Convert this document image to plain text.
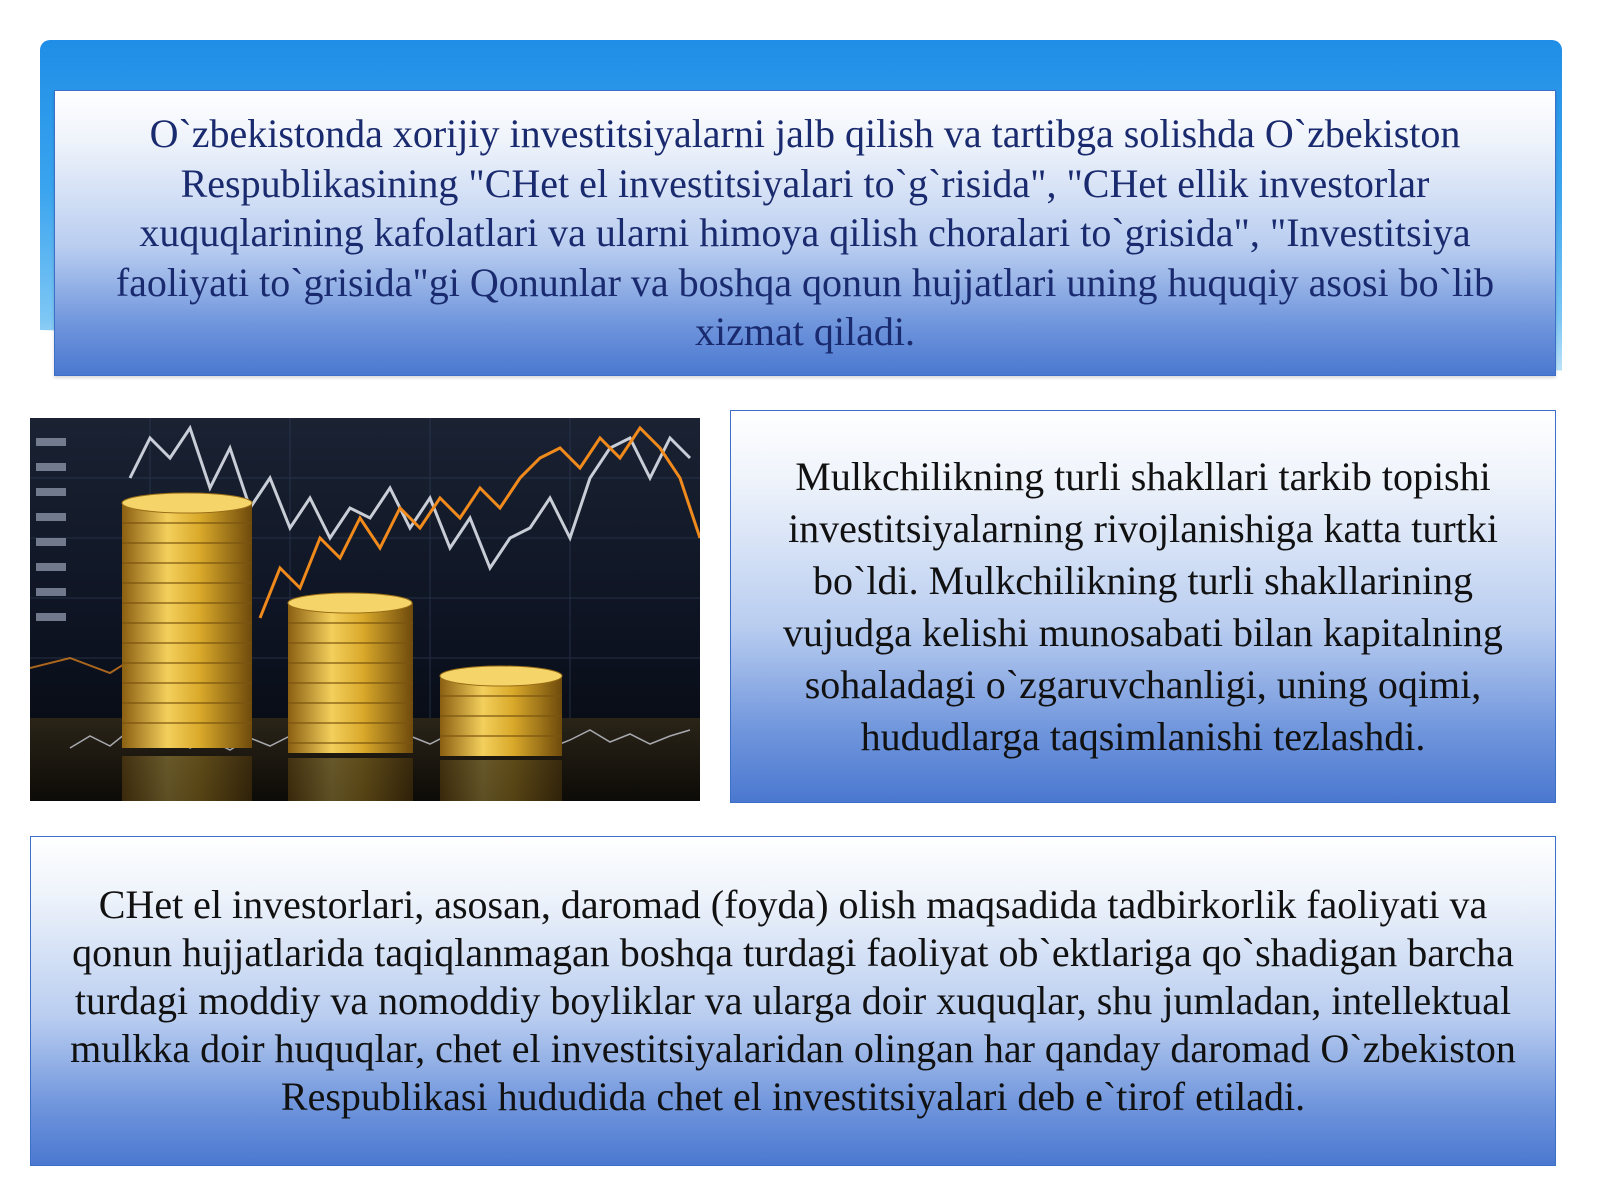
O`zbekistonda xorijiy investitsiyalarni jalb qilish va tartibga solishda O`zbekiston Respublikasining "CHet el investitsiyalari to`g`risida", "CHet ellik investorlar xuquqlarining kafolatlari va ularni himoya qilish choralari to`grisida", "Investitsiya faoliyati to`grisida"gi Qonunlar va boshqa qonun hujjatlari uning huquqiy asosi bo`lib xizmat qiladi.
Mulkchilikning turli shakllari tarkib topishi investitsiyalarning rivojlanishiga katta turtki bo`ldi. Mulkchilikning turli shakllarining vujudga kelishi munosabati bilan kapitalning sohaladagi o`zgaruvchanligi, uning oqimi, hududlarga taqsimlanishi tezlashdi.
CHet el investorlari, asosan, daromad (foyda) olish maqsadida tadbirkorlik faoliyati va qonun hujjatlarida taqiqlanmagan boshqa turdagi faoliyat ob`ektlariga qo`shadigan barcha turdagi moddiy va nomoddiy boyliklar va ularga doir xuquqlar, shu jumladan, intellektual mulkka doir huquqlar, chet el investitsiyalaridan olingan har qanday daromad O`zbekiston Respublikasi hududida chet el investitsiyalari deb e`tirof etiladi.
